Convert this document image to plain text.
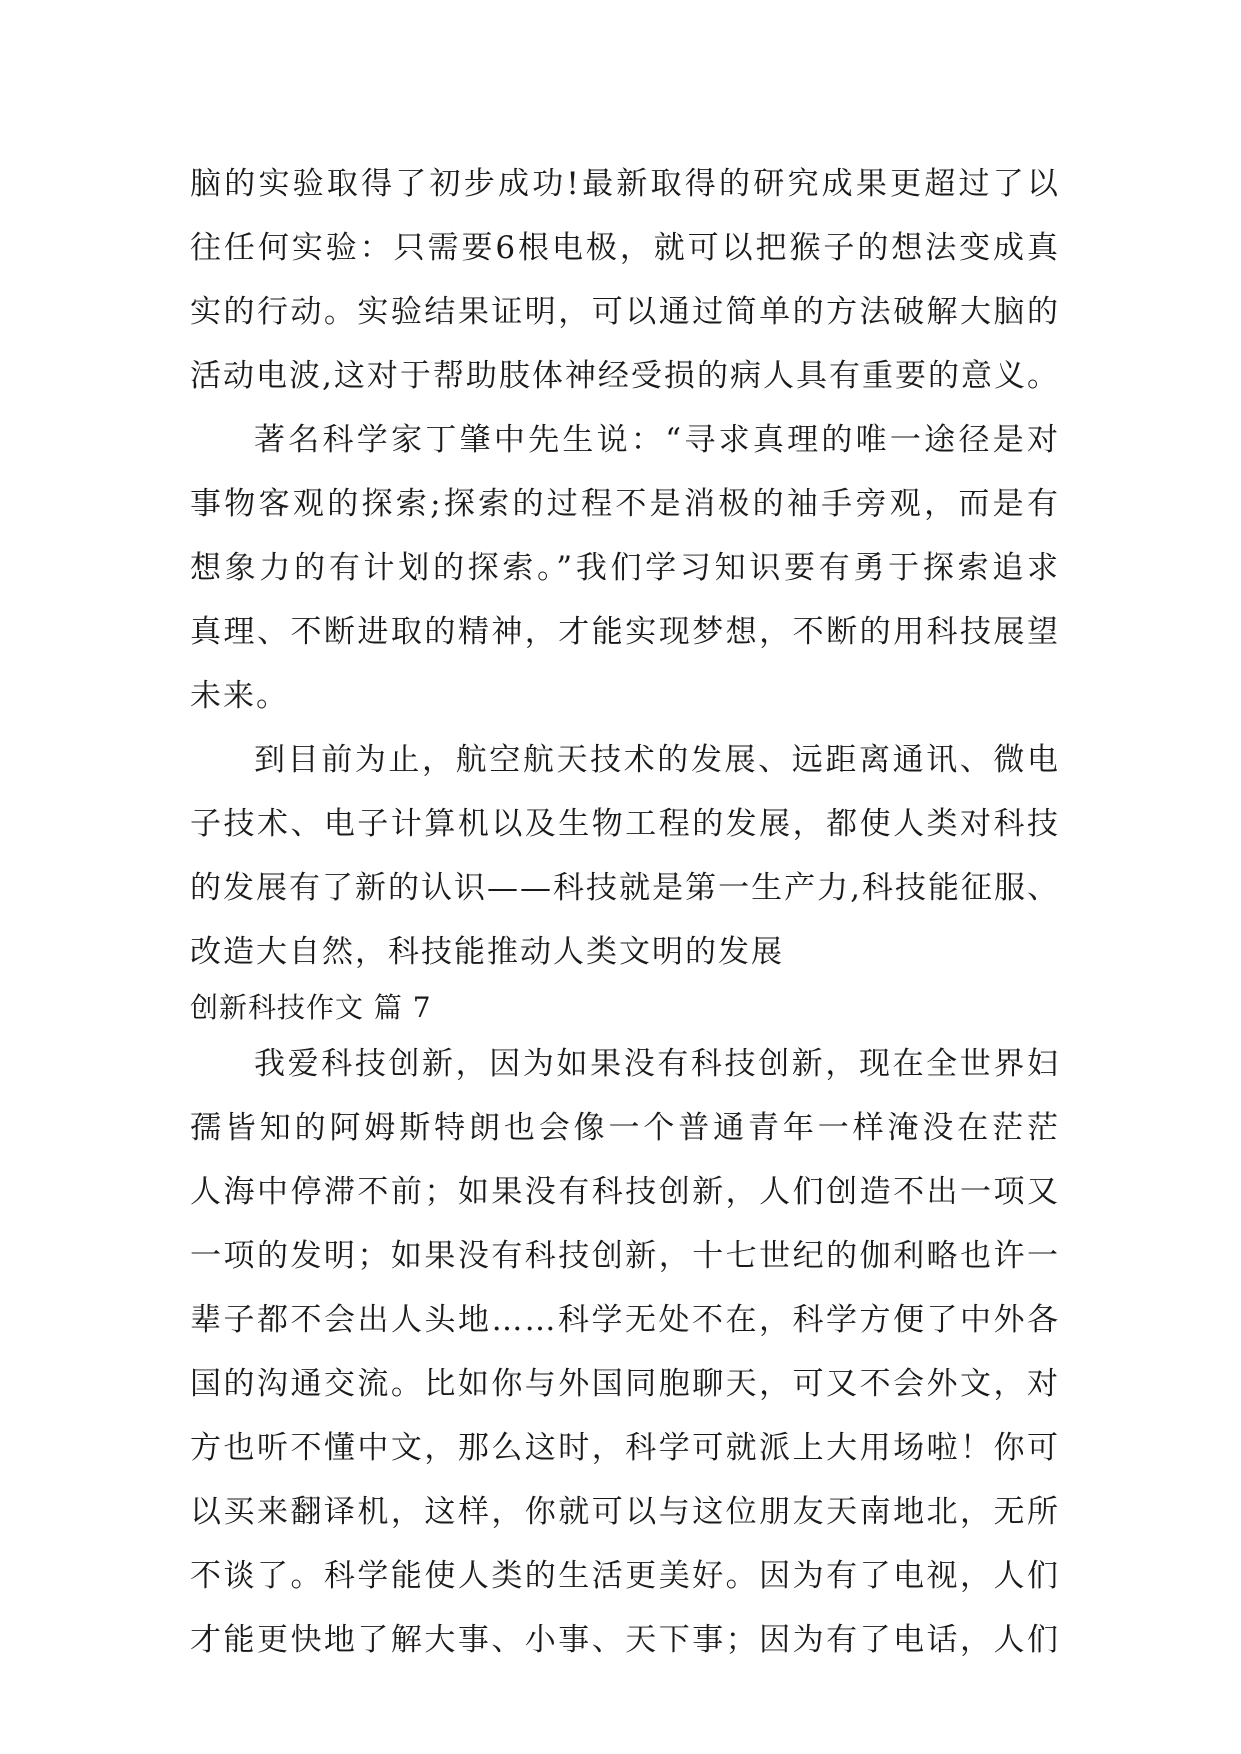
脑的实验取得了初步成功!最新取得的研究成果更超过了以
往任何实验：只需要6根电极，就可以把猴子的想法变成真
实的行动。实验结果证明，可以通过简单的方法破解大脑的
活动电波,这对于帮助肢体神经受损的病人具有重要的意义。
著名科学家丁肇中先生说：“寻求真理的唯一途径是对
事物客观的探索;探索的过程不是消极的袖手旁观，而是有
想象力的有计划的探索。”我们学习知识要有勇于探索追求
真理、不断进取的精神，才能实现梦想，不断的用科技展望
未来。
到目前为止，航空航天技术的发展、远距离通讯、微电
子技术、电子计算机以及生物工程的发展，都使人类对科技
的发展有了新的认识——科技就是第一生产力,科技能征服、
改造大自然，科技能推动人类文明的发展
创新科技作文 篇 7
我爱科技创新，因为如果没有科技创新，现在全世界妇
孺皆知的阿姆斯特朗也会像一个普通青年一样淹没在茫茫
人海中停滞不前；如果没有科技创新，人们创造不出一项又
一项的发明；如果没有科技创新，十七世纪的伽利略也许一
辈子都不会出人头地……科学无处不在，科学方便了中外各
国的沟通交流。比如你与外国同胞聊天，可又不会外文，对
方也听不懂中文，那么这时，科学可就派上大用场啦！你可
以买来翻译机，这样，你就可以与这位朋友天南地北，无所
不谈了。科学能使人类的生活更美好。因为有了电视，人们
才能更快地了解大事、小事、天下事；因为有了电话，人们
